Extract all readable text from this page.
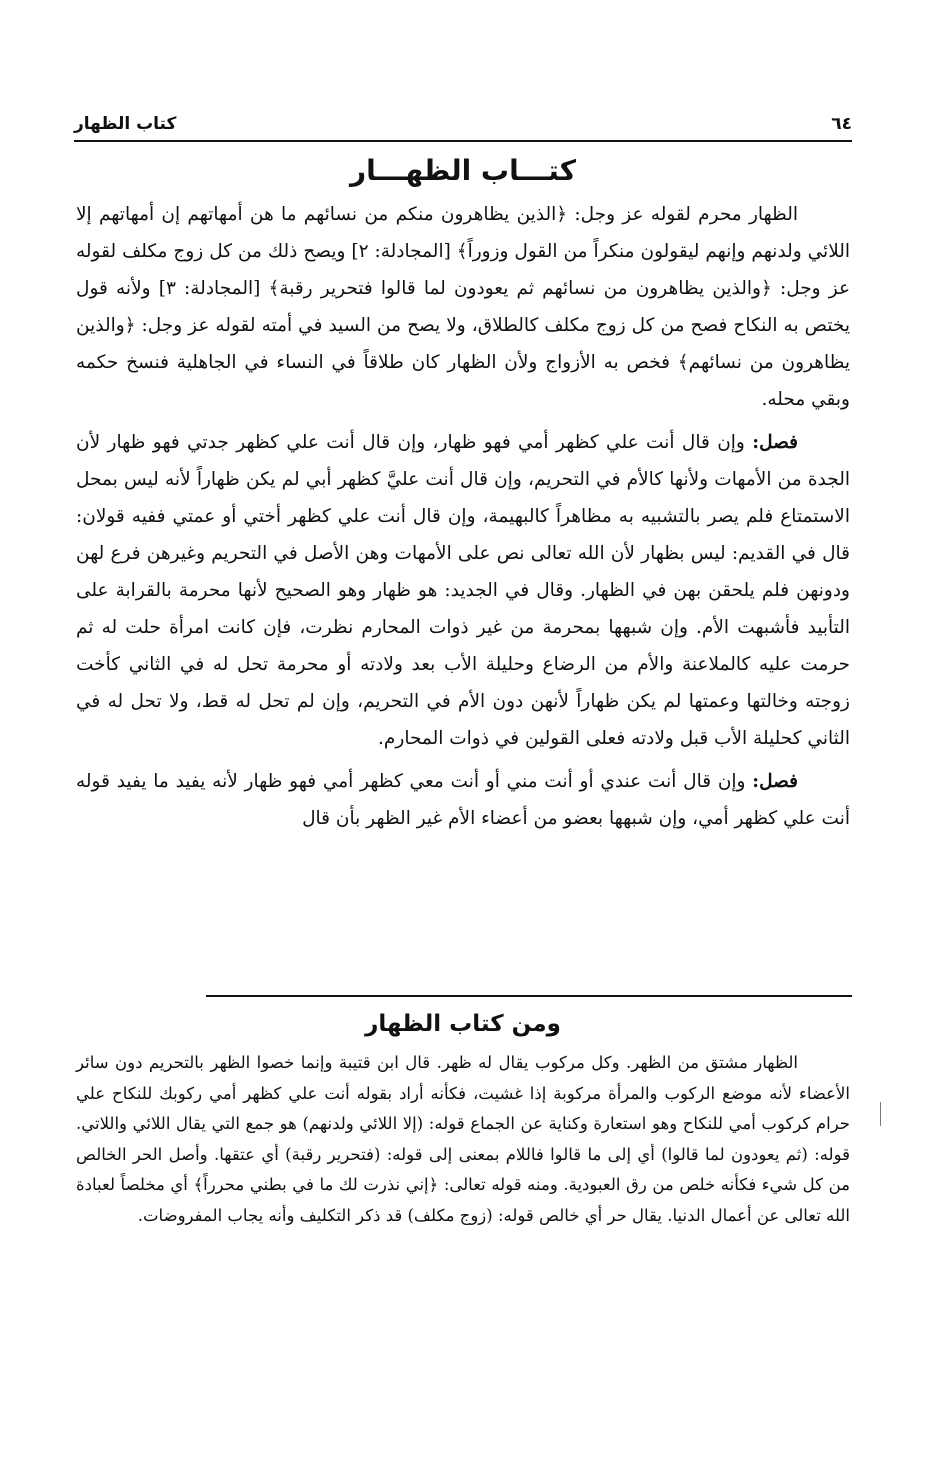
٦٤
كتاب الظهار
كتـــاب الظهـــار

الظهار محرم لقوله عز وجل: ﴿الذين يظاهرون منكم من نسائهم ما هن أمهاتهم إن أمهاتهم إلا اللائي ولدنهم وإنهم ليقولون منكراً من القول وزوراً﴾ [المجادلة: ٢] ويصح ذلك من كل زوج مكلف لقوله عز وجل: ﴿والذين يظاهرون من نسائهم ثم يعودون لما قالوا فتحرير رقبة﴾ [المجادلة: ٣] ولأنه قول يختص به النكاح فصح من كل زوج مكلف كالطلاق، ولا يصح من السيد في أمته لقوله عز وجل: ﴿والذين يظاهرون من نسائهم﴾ فخص به الأزواج ولأن الظهار كان طلاقاً في النساء في الجاهلية فنسخ حكمه وبقي محله.

فصل: وإن قال أنت علي كظهر أمي فهو ظهار، وإن قال أنت علي كظهر جدتي فهو ظهار لأن الجدة من الأمهات ولأنها كالأم في التحريم، وإن قال أنت عليَّ كظهر أبي لم يكن ظهاراً لأنه ليس بمحل الاستمتاع فلم يصر بالتشبيه به مظاهراً كالبهيمة، وإن قال أنت علي كظهر أختي أو عمتي ففيه قولان: قال في القديم: ليس بظهار لأن الله تعالى نص على الأمهات وهن الأصل في التحريم وغيرهن فرع لهن ودونهن فلم يلحقن بهن في الظهار. وقال في الجديد: هو ظهار وهو الصحيح لأنها محرمة بالقرابة على التأبيد فأشبهت الأم. وإن شبهها بمحرمة من غير ذوات المحارم نظرت، فإن كانت امرأة حلت له ثم حرمت عليه كالملاعنة والأم من الرضاع وحليلة الأب بعد ولادته أو محرمة تحل له في الثاني كأخت زوجته وخالتها وعمتها لم يكن ظهاراً لأنهن دون الأم في التحريم، وإن لم تحل له قط، ولا تحل له في الثاني كحليلة الأب قبل ولادته فعلى القولين في ذوات المحارم.

فصل: وإن قال أنت عندي أو أنت مني أو أنت معي كظهر أمي فهو ظهار لأنه يفيد ما يفيد قوله أنت علي كظهر أمي، وإن شبهها بعضو من أعضاء الأم غير الظهر بأن قال

ومن كتاب الظهار

الظهار مشتق من الظهر. وكل مركوب يقال له ظهر. قال ابن قتيبة وإنما خصوا الظهر بالتحريم دون سائر الأعضاء لأنه موضع الركوب والمرأة مركوبة إذا غشيت، فكأنه أراد بقوله أنت علي كظهر أمي ركوبك للنكاح علي حرام كركوب أمي للنكاح وهو استعارة وكناية عن الجماع قوله: (إلا اللائي ولدنهم) هو جمع التي يقال اللائي واللاتي. قوله: (ثم يعودون لما قالوا) أي إلى ما قالوا فاللام بمعنى إلى قوله: (فتحرير رقبة) أي عتقها. وأصل الحر الخالص من كل شيء فكأنه خلص من رق العبودية. ومنه قوله تعالى: ﴿إني نذرت لك ما في بطني محرراً﴾ أي مخلصاً لعبادة الله تعالى عن أعمال الدنيا. يقال حر أي خالص قوله: (زوج مكلف) قد ذكر التكليف وأنه يجاب المفروضات.
